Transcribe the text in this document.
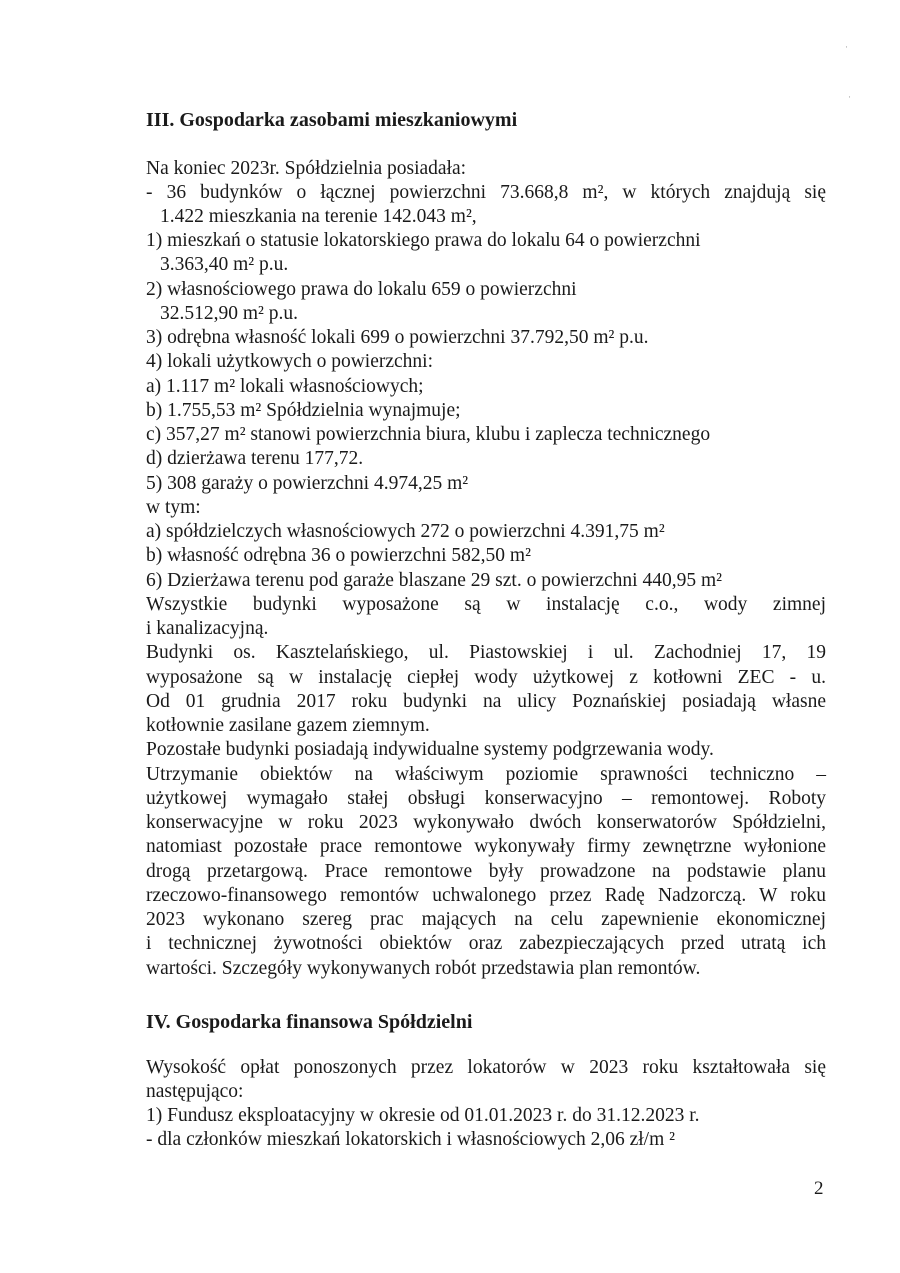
·
·
III. Gospodarka zasobami mieszkaniowymi
Na koniec 2023r. Spółdzielnia posiadała:
- 36 budynków o łącznej powierzchni 73.668,8 m², w których znajdują się
1.422 mieszkania na terenie 142.043 m²,
1) mieszkań o statusie lokatorskiego prawa do lokalu 64 o powierzchni
3.363,40 m² p.u.
2) własnościowego prawa do lokalu 659 o powierzchni
32.512,90 m² p.u.
3) odrębna własność lokali 699 o powierzchni 37.792,50 m² p.u.
4) lokali użytkowych o powierzchni:
a) 1.117 m² lokali własnościowych;
b) 1.755,53 m² Spółdzielnia wynajmuje;
c) 357,27 m² stanowi powierzchnia biura, klubu i zaplecza technicznego
d) dzierżawa terenu 177,72.
5) 308 garaży o powierzchni 4.974,25 m²
w tym:
a) spółdzielczych własnościowych 272 o powierzchni 4.391,75 m²
b) własność odrębna 36 o powierzchni 582,50 m²
6) Dzierżawa terenu pod garaże blaszane 29 szt. o powierzchni 440,95 m²
Wszystkie budynki wyposażone są w instalację c.o., wody zimnej
i kanalizacyjną.
Budynki os. Kasztelańskiego, ul. Piastowskiej i ul. Zachodniej 17, 19
wyposażone są w instalację ciepłej wody użytkowej z kotłowni ZEC - u.
Od 01 grudnia 2017 roku budynki na ulicy Poznańskiej posiadają własne
kotłownie zasilane gazem ziemnym.
Pozostałe budynki posiadają indywidualne systemy podgrzewania wody.
Utrzymanie obiektów na właściwym poziomie sprawności techniczno –
użytkowej wymagało stałej obsługi konserwacyjno – remontowej. Roboty
konserwacyjne w roku 2023 wykonywało dwóch konserwatorów Spółdzielni,
natomiast pozostałe prace remontowe wykonywały firmy zewnętrzne wyłonione
drogą przetargową. Prace remontowe były prowadzone na podstawie planu
rzeczowo-finansowego remontów uchwalonego przez Radę Nadzorczą. W roku
2023 wykonano szereg prac mających na celu zapewnienie ekonomicznej
i technicznej żywotności obiektów oraz zabezpieczających przed utratą ich
wartości. Szczegóły wykonywanych robót przedstawia plan remontów.
IV. Gospodarka finansowa Spółdzielni
Wysokość opłat ponoszonych przez lokatorów w 2023 roku kształtowała się
następująco:
1) Fundusz eksploatacyjny w okresie od 01.01.2023 r. do 31.12.2023 r.
- dla członków mieszkań lokatorskich i własnościowych 2,06 zł/m ²
2
